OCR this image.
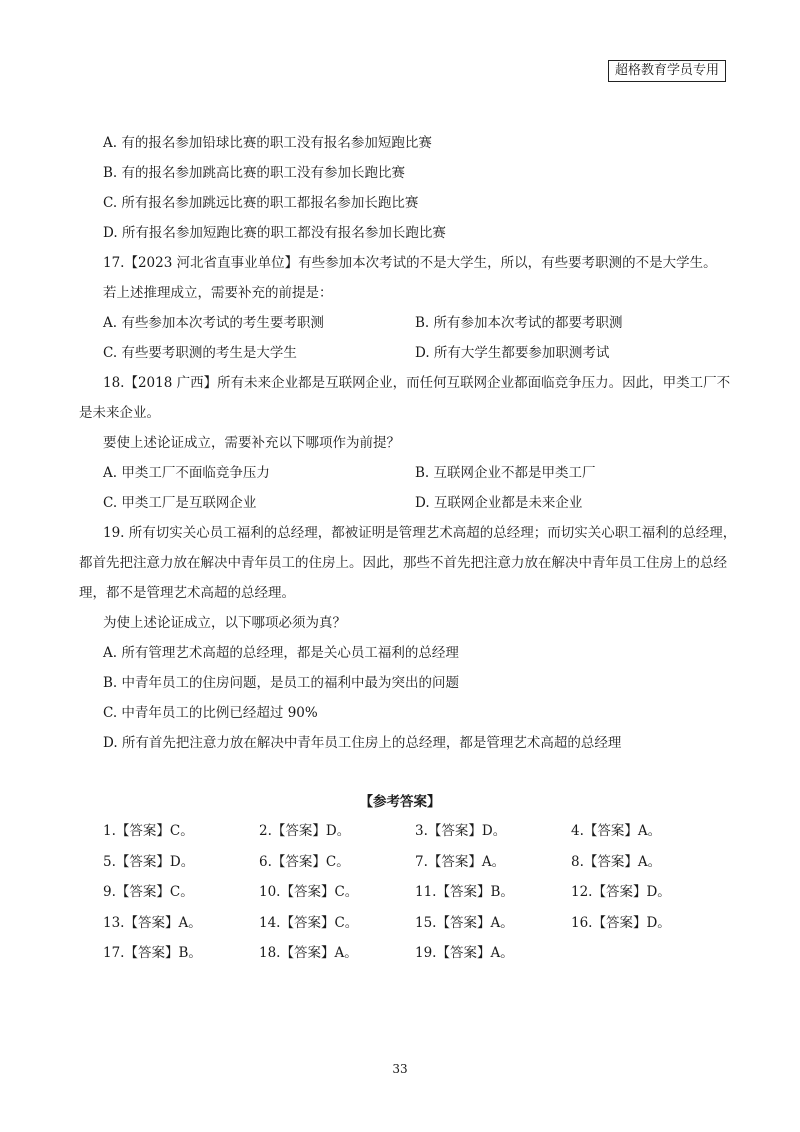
超格教育学员专用
A. 有的报名参加铅球比赛的职工没有报名参加短跑比赛
B. 有的报名参加跳高比赛的职工没有参加长跑比赛
C. 所有报名参加跳远比赛的职工都报名参加长跑比赛
D. 所有报名参加短跑比赛的职工都没有报名参加长跑比赛
17.【2023 河北省直事业单位】有些参加本次考试的不是大学生，所以，有些要考职测的不是大学生。
若上述推理成立，需要补充的前提是：
A. 有些参加本次考试的考生要考职测	B. 所有参加本次考试的都要考职测
C. 有些要考职测的考生是大学生	D. 所有大学生都要参加职测考试
18.【2018 广西】所有未来企业都是互联网企业，而任何互联网企业都面临竞争压力。因此，甲类工厂不
是未来企业。
要使上述论证成立，需要补充以下哪项作为前提？
A. 甲类工厂不面临竞争压力	B. 互联网企业不都是甲类工厂
C. 甲类工厂是互联网企业	D. 互联网企业都是未来企业
19. 所有切实关心员工福利的总经理，都被证明是管理艺术高超的总经理；而切实关心职工福利的总经理，
都首先把注意力放在解决中青年员工的住房上。因此，那些不首先把注意力放在解决中青年员工住房上的总经
理，都不是管理艺术高超的总经理。
为使上述论证成立，以下哪项必须为真？
A. 所有管理艺术高超的总经理，都是关心员工福利的总经理
B. 中青年员工的住房问题，是员工的福利中最为突出的问题
C. 中青年员工的比例已经超过 90%
D. 所有首先把注意力放在解决中青年员工住房上的总经理，都是管理艺术高超的总经理
【参考答案】
1.【答案】C。	2.【答案】D。	3.【答案】D。	4.【答案】A。
5.【答案】D。	6.【答案】C。	7.【答案】A。	8.【答案】A。
9.【答案】C。	10.【答案】C。	11.【答案】B。	12.【答案】D。
13.【答案】A。	14.【答案】C。	15.【答案】A。	16.【答案】D。
17.【答案】B。	18.【答案】A。	19.【答案】A。
33
